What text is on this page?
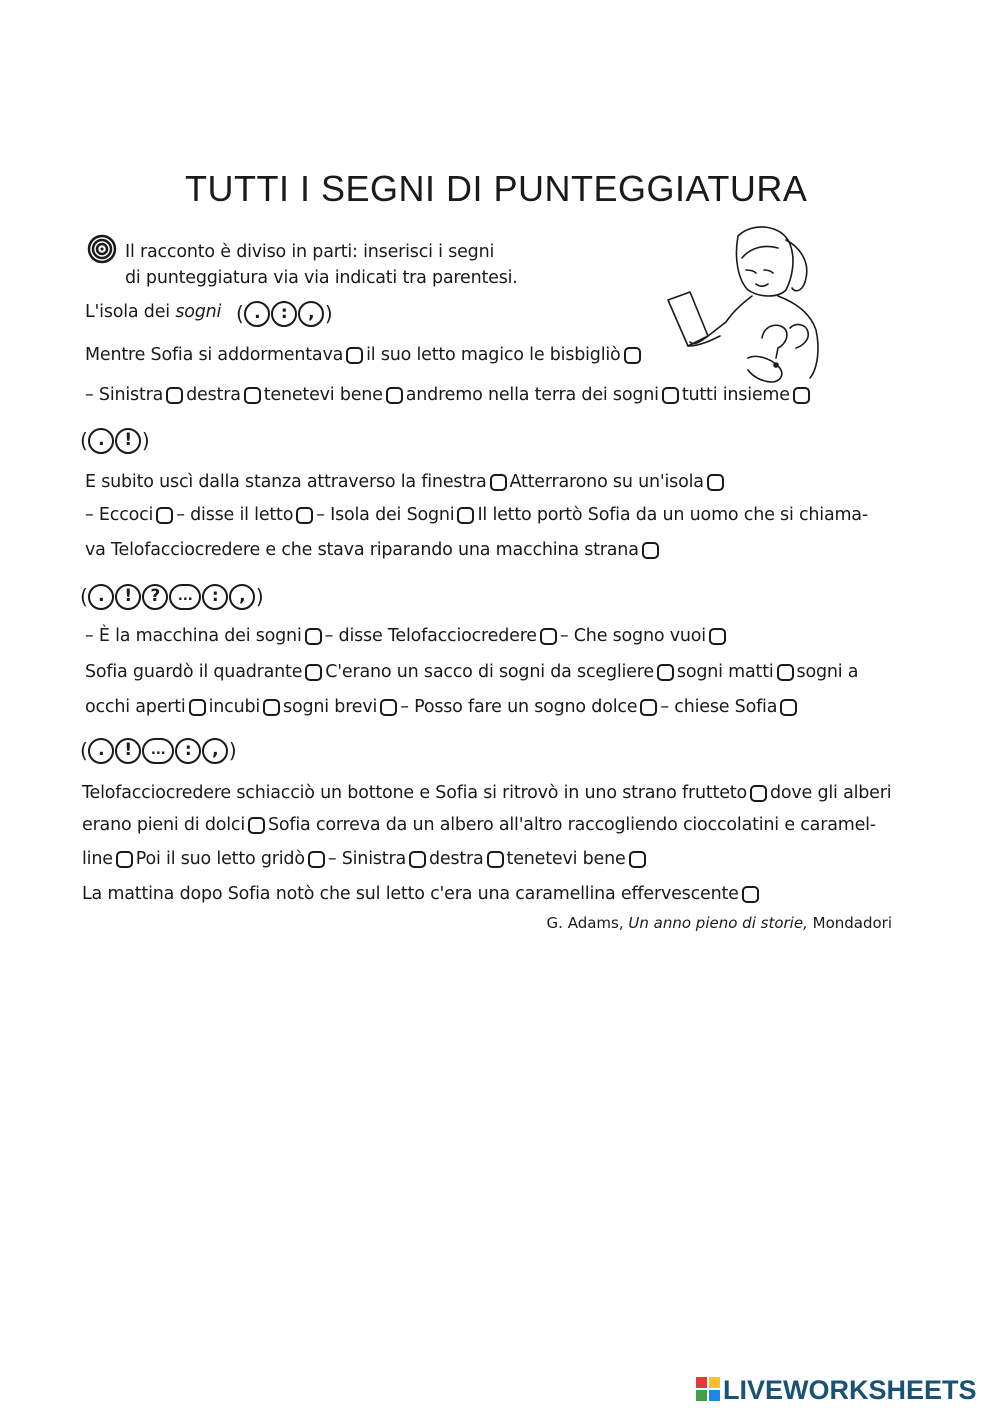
TUTTI I SEGNI DI PUNTEGGIATURA
Il racconto è diviso in parti: inserisci i segni
di punteggiatura via via indicati tra parentesi.
L'isola dei sogni ( . : , )
Mentre Sofia si addormentava il suo letto magico le bisbigliò
– Sinistra destra tenetevi bene andremo nella terra dei sogni tutti insieme
( . ! )
E subito uscì dalla stanza attraverso la finestra Atterrarono su un'isola
– Eccoci – disse il letto – Isola dei Sogni Il letto portò Sofia da un uomo che si chiama-
va Telofacciocredere e che stava riparando una macchina strana
( . ! ? ... : , )
– È la macchina dei sogni – disse Telofacciocredere – Che sogno vuoi
Sofia guardò il quadrante C'erano un sacco di sogni da scegliere sogni matti sogni a
occhi aperti incubi sogni brevi – Posso fare un sogno dolce – chiese Sofia
( . ! ... : , )
Telofacciocredere schiacciò un bottone e Sofia si ritrovò in uno strano frutteto dove gli alberi
erano pieni di dolci Sofia correva da un albero all'altro raccogliendo cioccolatini e caramel-
line Poi il suo letto gridò – Sinistra destra tenetevi bene
La mattina dopo Sofia notò che sul letto c'era una caramellina effervescente
G. Adams, Un anno pieno di storie, Mondadori
LIVEWORKSHEETS
